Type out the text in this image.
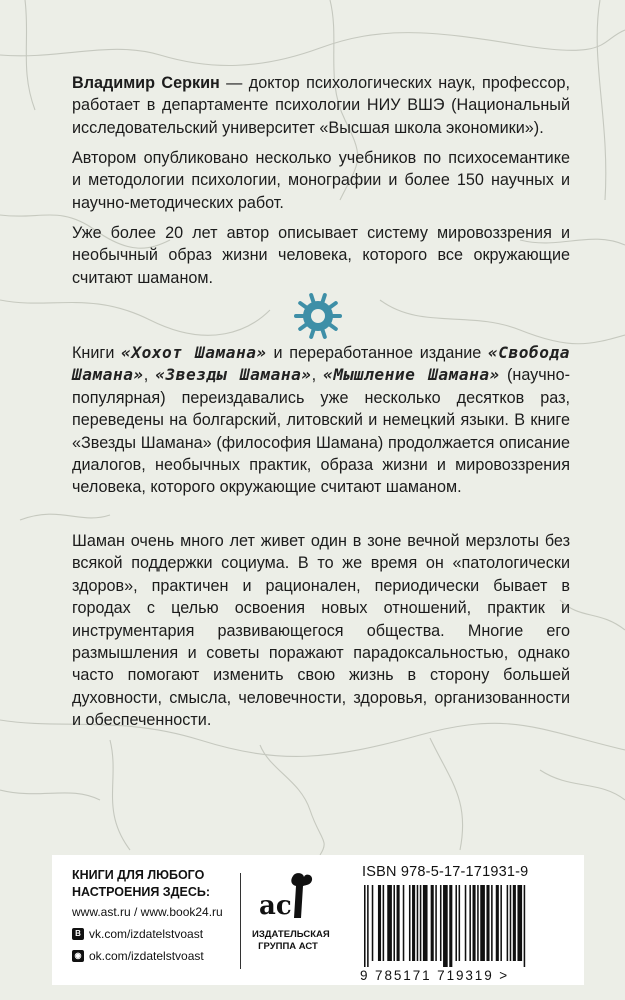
Владимир Серкин — доктор психологических наук, профессор, работает в департаменте психологии НИУ ВШЭ (Национальный исследовательский университет «Высшая школа экономики»).

Автором опубликовано несколько учебников по психосемантике и методологии психологии, монографии и более 150 научных и научно-методических работ.

Уже более 20 лет автор описывает систему мировоззрения и необычный образ жизни человека, которого все окружающие считают шаманом.

Книги «Хохот Шамана» и переработанное издание «Свобода Шамана», «Звезды Шамана», «Мышление Шамана» (научно-популярная) переиздавались уже несколько десятков раз, переведены на болгарский, литовский и немецкий языки. В книге «Звезды Шамана» (философия Шамана) продолжается описание диалогов, необычных практик, образа жизни и мировоззрения человека, которого окружающие считают шаманом.

Шаман очень много лет живет один в зоне вечной мерзлоты без всякой поддержки социума. В то же время он «патологически здоров», практичен и рационален, периодически бывает в городах с целью освоения новых отношений, практик и инструментария развивающегося общества. Многие его размышления и советы поражают парадоксальностью, однако часто помогают изменить свою жизнь в сторону большей духовности, смысла, человечности, здоровья, организованности и обеспеченности.

КНИГИ ДЛЯ ЛЮБОГО НАСТРОЕНИЯ ЗДЕСЬ:
www.ast.ru / www.book24.ru
B vk.com/izdatelstvoast
◉ ok.com/izdatelstvoast
ac
ИЗДАТЕЛЬСКАЯ ГРУППА АСТ
ISBN 978-5-17-171931-9
9 785171 719319 >
